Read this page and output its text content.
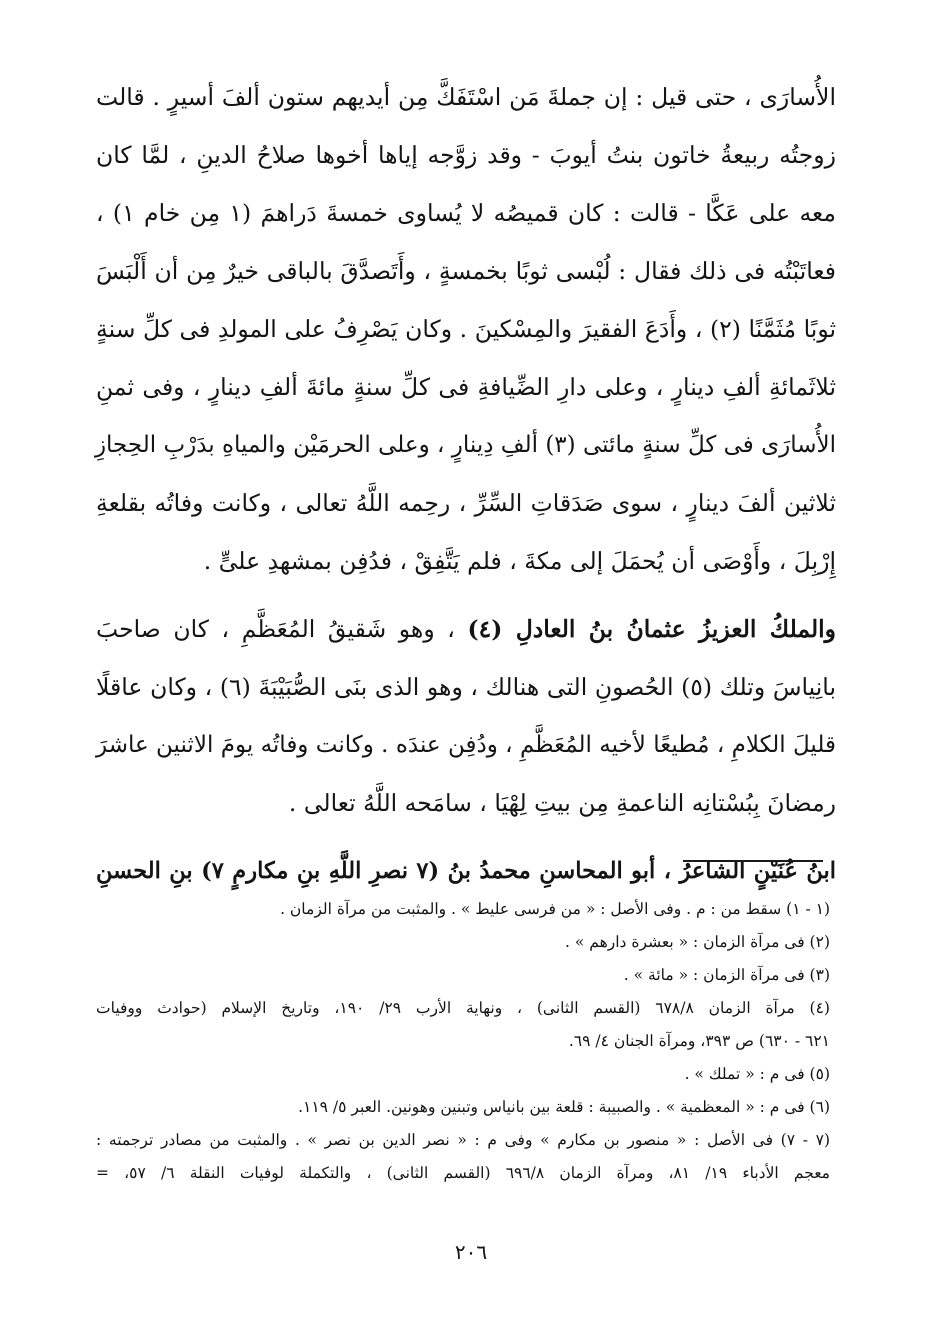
الأُسارَى ، حتى قيل : إن جملةَ مَن اسْتَفَكَّ مِن أيديهم ستون ألفَ أسيرٍ . قالت
زوجتُه ربيعةُ خاتون بنتُ أيوبَ - وقد زوَّجه إياها أخوها صلاحُ الدينِ ، لمَّا كان
معه على عَكَّا - قالت : كان قميصُه لا يُساوى خمسةَ دَراهمَ (١ مِن خام ١) ،
فعاتَبْتُه فى ذلك فقال : لُبْسى ثوبًا بخمسةٍ ، وأَتَصدَّقَ بالباقى خيرٌ مِن أن أَلْبَسَ
ثوبًا مُثَمَّنًا (٢) ، وأَدَعَ الفقيرَ والمِسْكينَ . وكان يَصْرِفُ على المولدِ فى كلِّ سنةٍ
ثلاثَمائةِ ألفِ دينارٍ ، وعلى دارِ الضِّيافةِ فى كلِّ سنةٍ مائةَ ألفِ دينارٍ ، وفى ثمنِ
الأُسارَى فى كلِّ سنةٍ مائتى (٣) ألفِ دِينارٍ ، وعلى الحرمَيْن والمياهِ بدَرْبِ الحِجازِ
ثلاثين ألفَ دينارٍ ، سوى صَدَقاتِ السِّرِّ ، رحِمه اللَّهُ تعالى ، وكانت وفاتُه بقلعةِ
إِرْبِلَ ، وأَوْصَى أن يُحمَلَ إلى مكةَ ، فلم يَتَّفِقْ ، فدُفِن بمشهدِ علىٍّ .
والملكُ العزيزُ عثمانُ بنُ العادلِ (٤) ، وهو شَقيقُ المُعَظَّمِ ، كان صاحبَ
بانِياسَ وتلك (٥) الحُصونِ التى هنالك ، وهو الذى بنَى الصُّبَيْبَةَ (٦) ، وكان عاقلًا
قليلَ الكلامِ ، مُطيعًا لأخيه المُعَظَّمِ ، ودُفِن عندَه . وكانت وفاتُه يومَ الاثنين عاشرَ
رمضانَ بِبُسْتانِه الناعمةِ مِن بيتِ لِهْيَا ، سامَحه اللَّهُ تعالى .
ابنُ عُنَيْنٍ الشاعرُ ، أبو المحاسنِ محمدُ بنُ (٧ نصرِ اللَّهِ بنِ مكارمٍ ٧) بنِ الحسنِ
(١ - ١) سقط من : م . وفى الأصل : « من فرسى عليط » . والمثبت من مرآة الزمان .
(٢) فى مرآة الزمان : « بعشرة دارهم » .
(٣) فى مرآة الزمان : « مائة » .
(٤) مرآة الزمان ٦٧٨/٨ (القسم الثانى) ، ونهاية الأرب ٢٩/ ١٩٠، وتاريخ الإسلام (حوادث ووفيات
٦٢١ - ٦٣٠) ص ٣٩٣، ومرآة الجنان ٤/ ٦٩.
(٥) فى م : « تملك » .
(٦) فى م : « المعظمية » . والصبيبة : قلعة بين بانياس وتبنين وهونين. العبر ٥/ ١١٩.
(٧ - ٧) فى الأصل : « منصور بن مكارم » وفى م : « نصر الدين بن نصر » . والمثبت من مصادر ترجمته :
معجم الأدباء ١٩/ ٨١، ومرآة الزمان ٦٩٦/٨ (القسم الثانى) ، والتكملة لوفيات النقلة ٦/ ٥٧، =
٢٠٦
